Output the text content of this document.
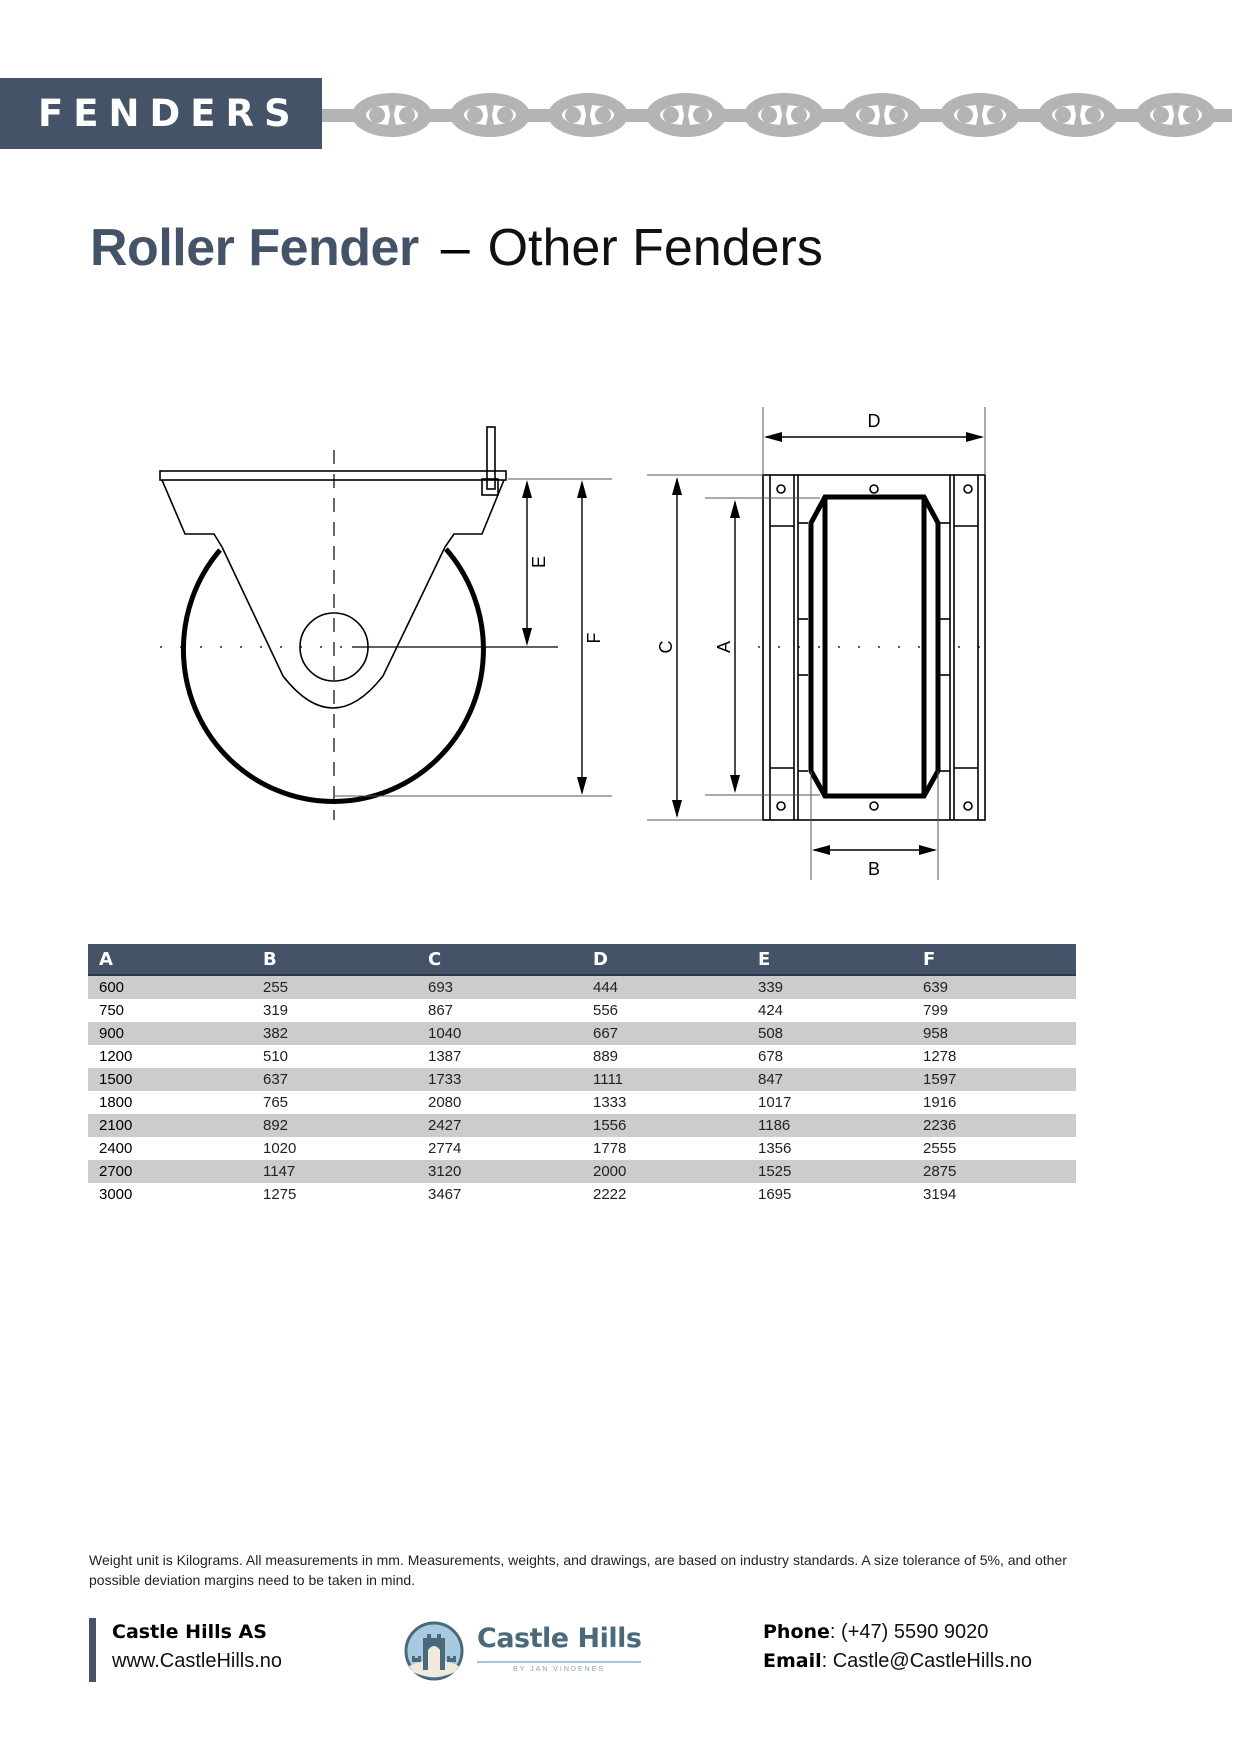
FENDERS
Roller Fender – Other Fenders
E
F
D
C A
B
A	B	C	D	E	F
600	255	693	444	339	639
750	319	867	556	424	799
900	382	1040	667	508	958
1200	510	1387	889	678	1278
1500	637	1733	1111	847	1597
1800	765	2080	1333	1017	1916
2100	892	2427	1556	1186	2236
2400	1020	2774	1778	1356	2555
2700	1147	3120	2000	1525	2875
3000	1275	3467	2222	1695	3194
Weight unit is Kilograms. All measurements in mm. Measurements, weights, and drawings, are based on industry standards. A size tolerance of 5%, and other possible deviation margins need to be taken in mind.
Castle Hills AS
www.CastleHills.no
Castle Hills
BY JAN VINDENES
Phone: (+47) 5590 9020
Email: Castle@CastleHills.no
